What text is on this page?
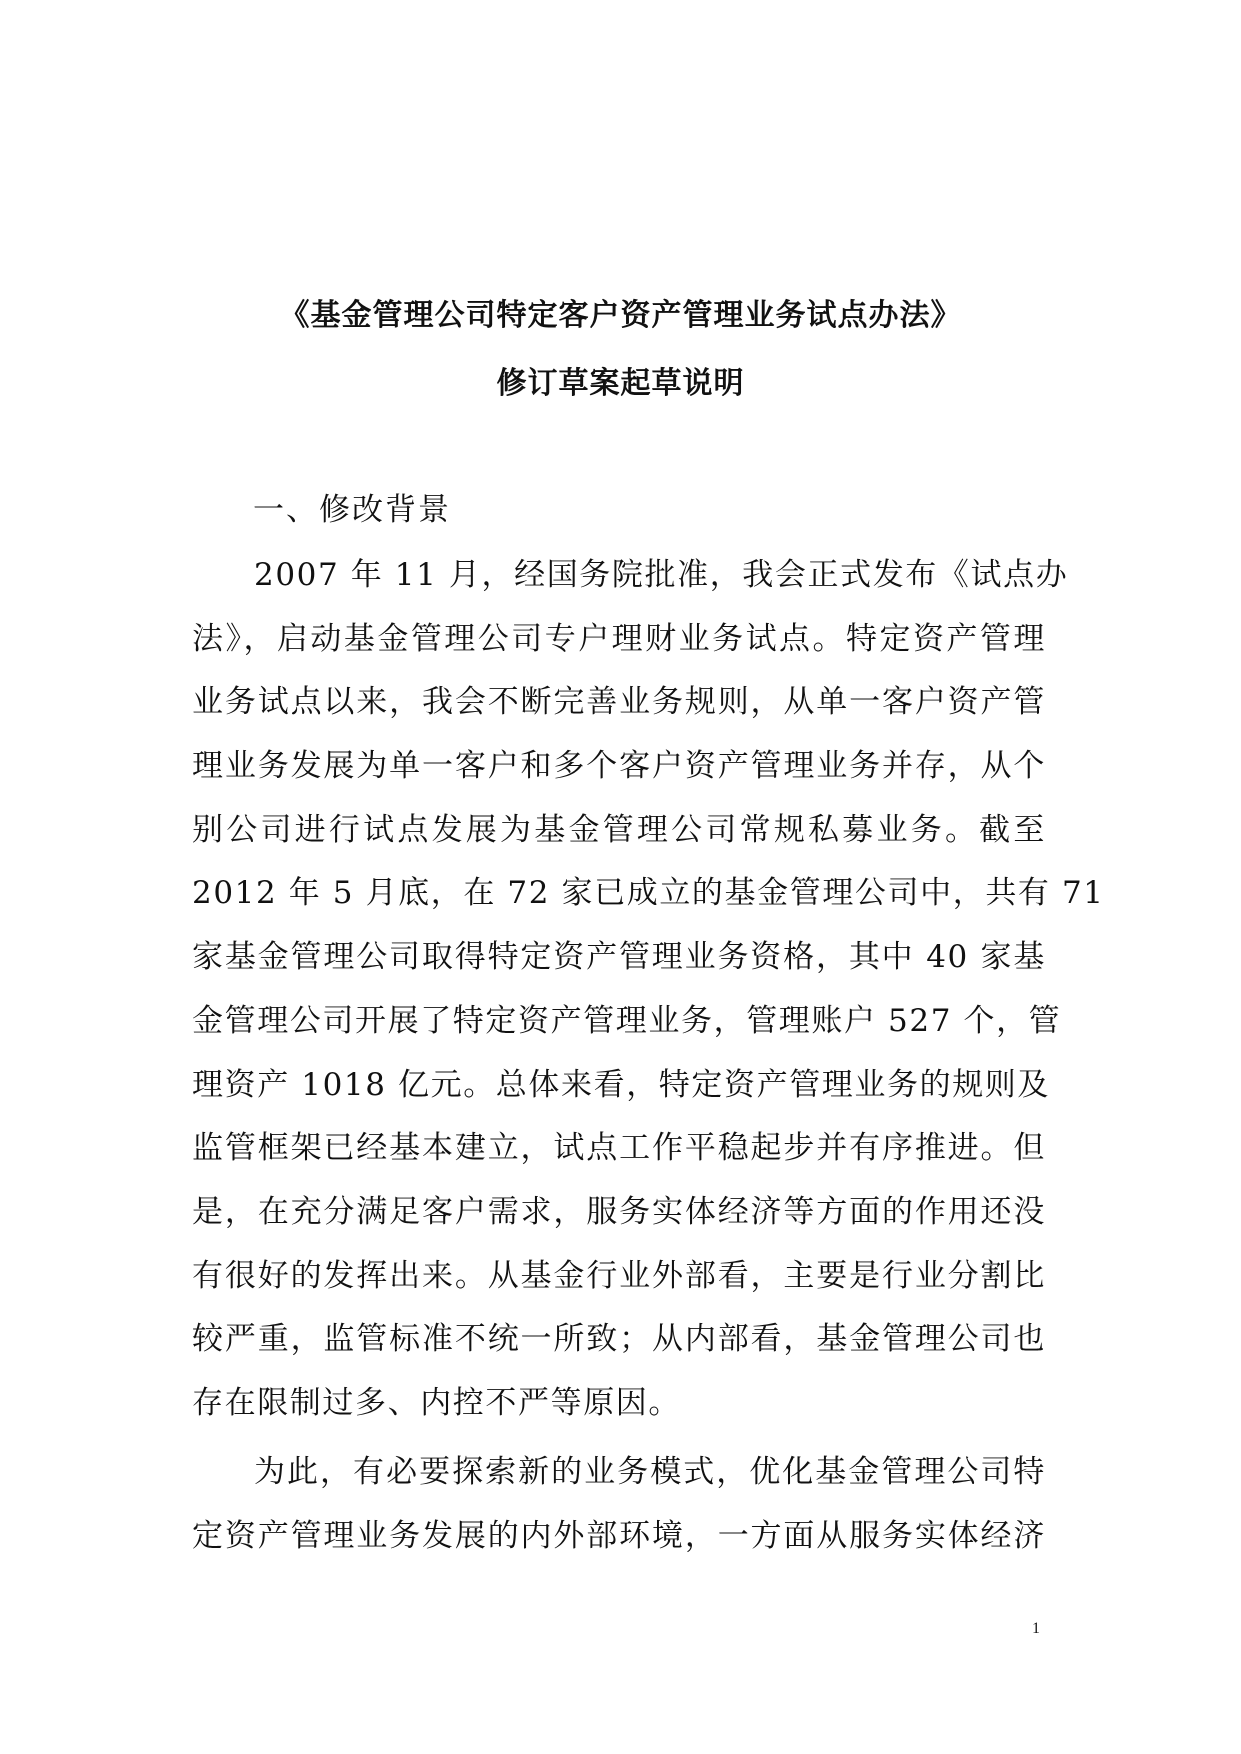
《基金管理公司特定客户资产管理业务试点办法》
修订草案起草说明
一、修改背景

2007 年 11 月，经国务院批准，我会正式发布《试点办
法》，启动基金管理公司专户理财业务试点。特定资产管理
业务试点以来，我会不断完善业务规则，从单一客户资产管
理业务发展为单一客户和多个客户资产管理业务并存，从个
别公司进行试点发展为基金管理公司常规私募业务。截至
2012 年 5 月底，在 72 家已成立的基金管理公司中，共有 71
家基金管理公司取得特定资产管理业务资格，其中 40 家基
金管理公司开展了特定资产管理业务，管理账户 527 个，管
理资产 1018 亿元。总体来看，特定资产管理业务的规则及
监管框架已经基本建立，试点工作平稳起步并有序推进。但
是，在充分满足客户需求，服务实体经济等方面的作用还没
有很好的发挥出来。从基金行业外部看，主要是行业分割比
较严重，监管标准不统一所致；从内部看，基金管理公司也
存在限制过多、内控不严等原因。

为此，有必要探索新的业务模式，优化基金管理公司特
定资产管理业务发展的内外部环境，一方面从服务实体经济

1
